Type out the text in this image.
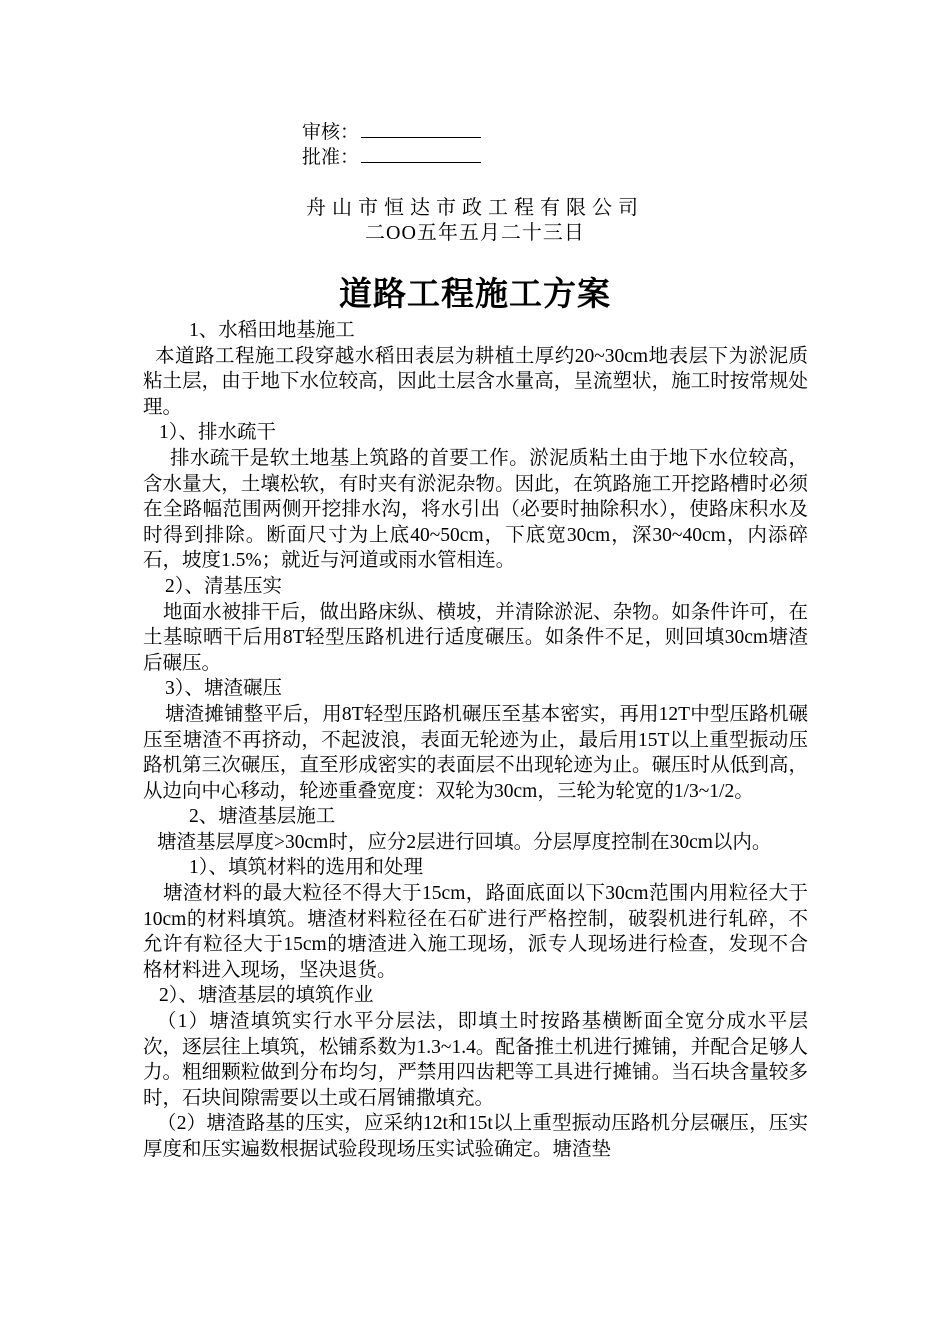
审核：
批准：
舟山市恒达市政工程有限公司
二OO五年五月二十三日
道路工程施工方案

1、水稻田地基施工

本道路工程施工段穿越水稻田表层为耕植土厚约20~30cm地表层下为淤泥质粘土层，由于地下水位较高，因此土层含水量高，呈流塑状，施工时按常规处理。

1）、排水疏干

排水疏干是软土地基上筑路的首要工作。淤泥质粘土由于地下水位较高，含水量大，土壤松软，有时夹有淤泥杂物。因此，在筑路施工开挖路槽时必须在全路幅范围两侧开挖排水沟，将水引出（必要时抽除积水），使路床积水及时得到排除。断面尺寸为上底40~50cm，下底宽30cm，深30~40cm，内添碎石，坡度1.5%；就近与河道或雨水管相连。

2）、清基压实

地面水被排干后，做出路床纵、横坡，并清除淤泥、杂物。如条件许可，在土基晾晒干后用8T轻型压路机进行适度碾压。如条件不足，则回填30cm塘渣后碾压。

3）、塘渣碾压

塘渣摊铺整平后，用8T轻型压路机碾压至基本密实，再用12T中型压路机碾压至塘渣不再挤动，不起波浪，表面无轮迹为止，最后用15T以上重型振动压路机第三次碾压，直至形成密实的表面层不出现轮迹为止。碾压时从低到高，从边向中心移动，轮迹重叠宽度：双轮为30cm，三轮为轮宽的1/3~1/2。

2、塘渣基层施工

塘渣基层厚度>30cm时，应分2层进行回填。分层厚度控制在30cm以内。

1）、填筑材料的选用和处理

塘渣材料的最大粒径不得大于15cm，路面底面以下30cm范围内用粒径大于10cm的材料填筑。塘渣材料粒径在石矿进行严格控制，破裂机进行轧碎，不允许有粒径大于15cm的塘渣进入施工现场，派专人现场进行检查，发现不合格材料进入现场，坚决退货。

2）、塘渣基层的填筑作业

（1）塘渣填筑实行水平分层法，即填土时按路基横断面全宽分成水平层次，逐层往上填筑，松铺系数为1.3~1.4。配备推土机进行摊铺，并配合足够人力。粗细颗粒做到分布均匀，严禁用四齿耙等工具进行摊铺。当石块含量较多时，石块间隙需要以土或石屑铺撒填充。

（2）塘渣路基的压实，应采纳12t和15t以上重型振动压路机分层碾压，压实厚度和压实遍数根据试验段现场压实试验确定。塘渣垫
